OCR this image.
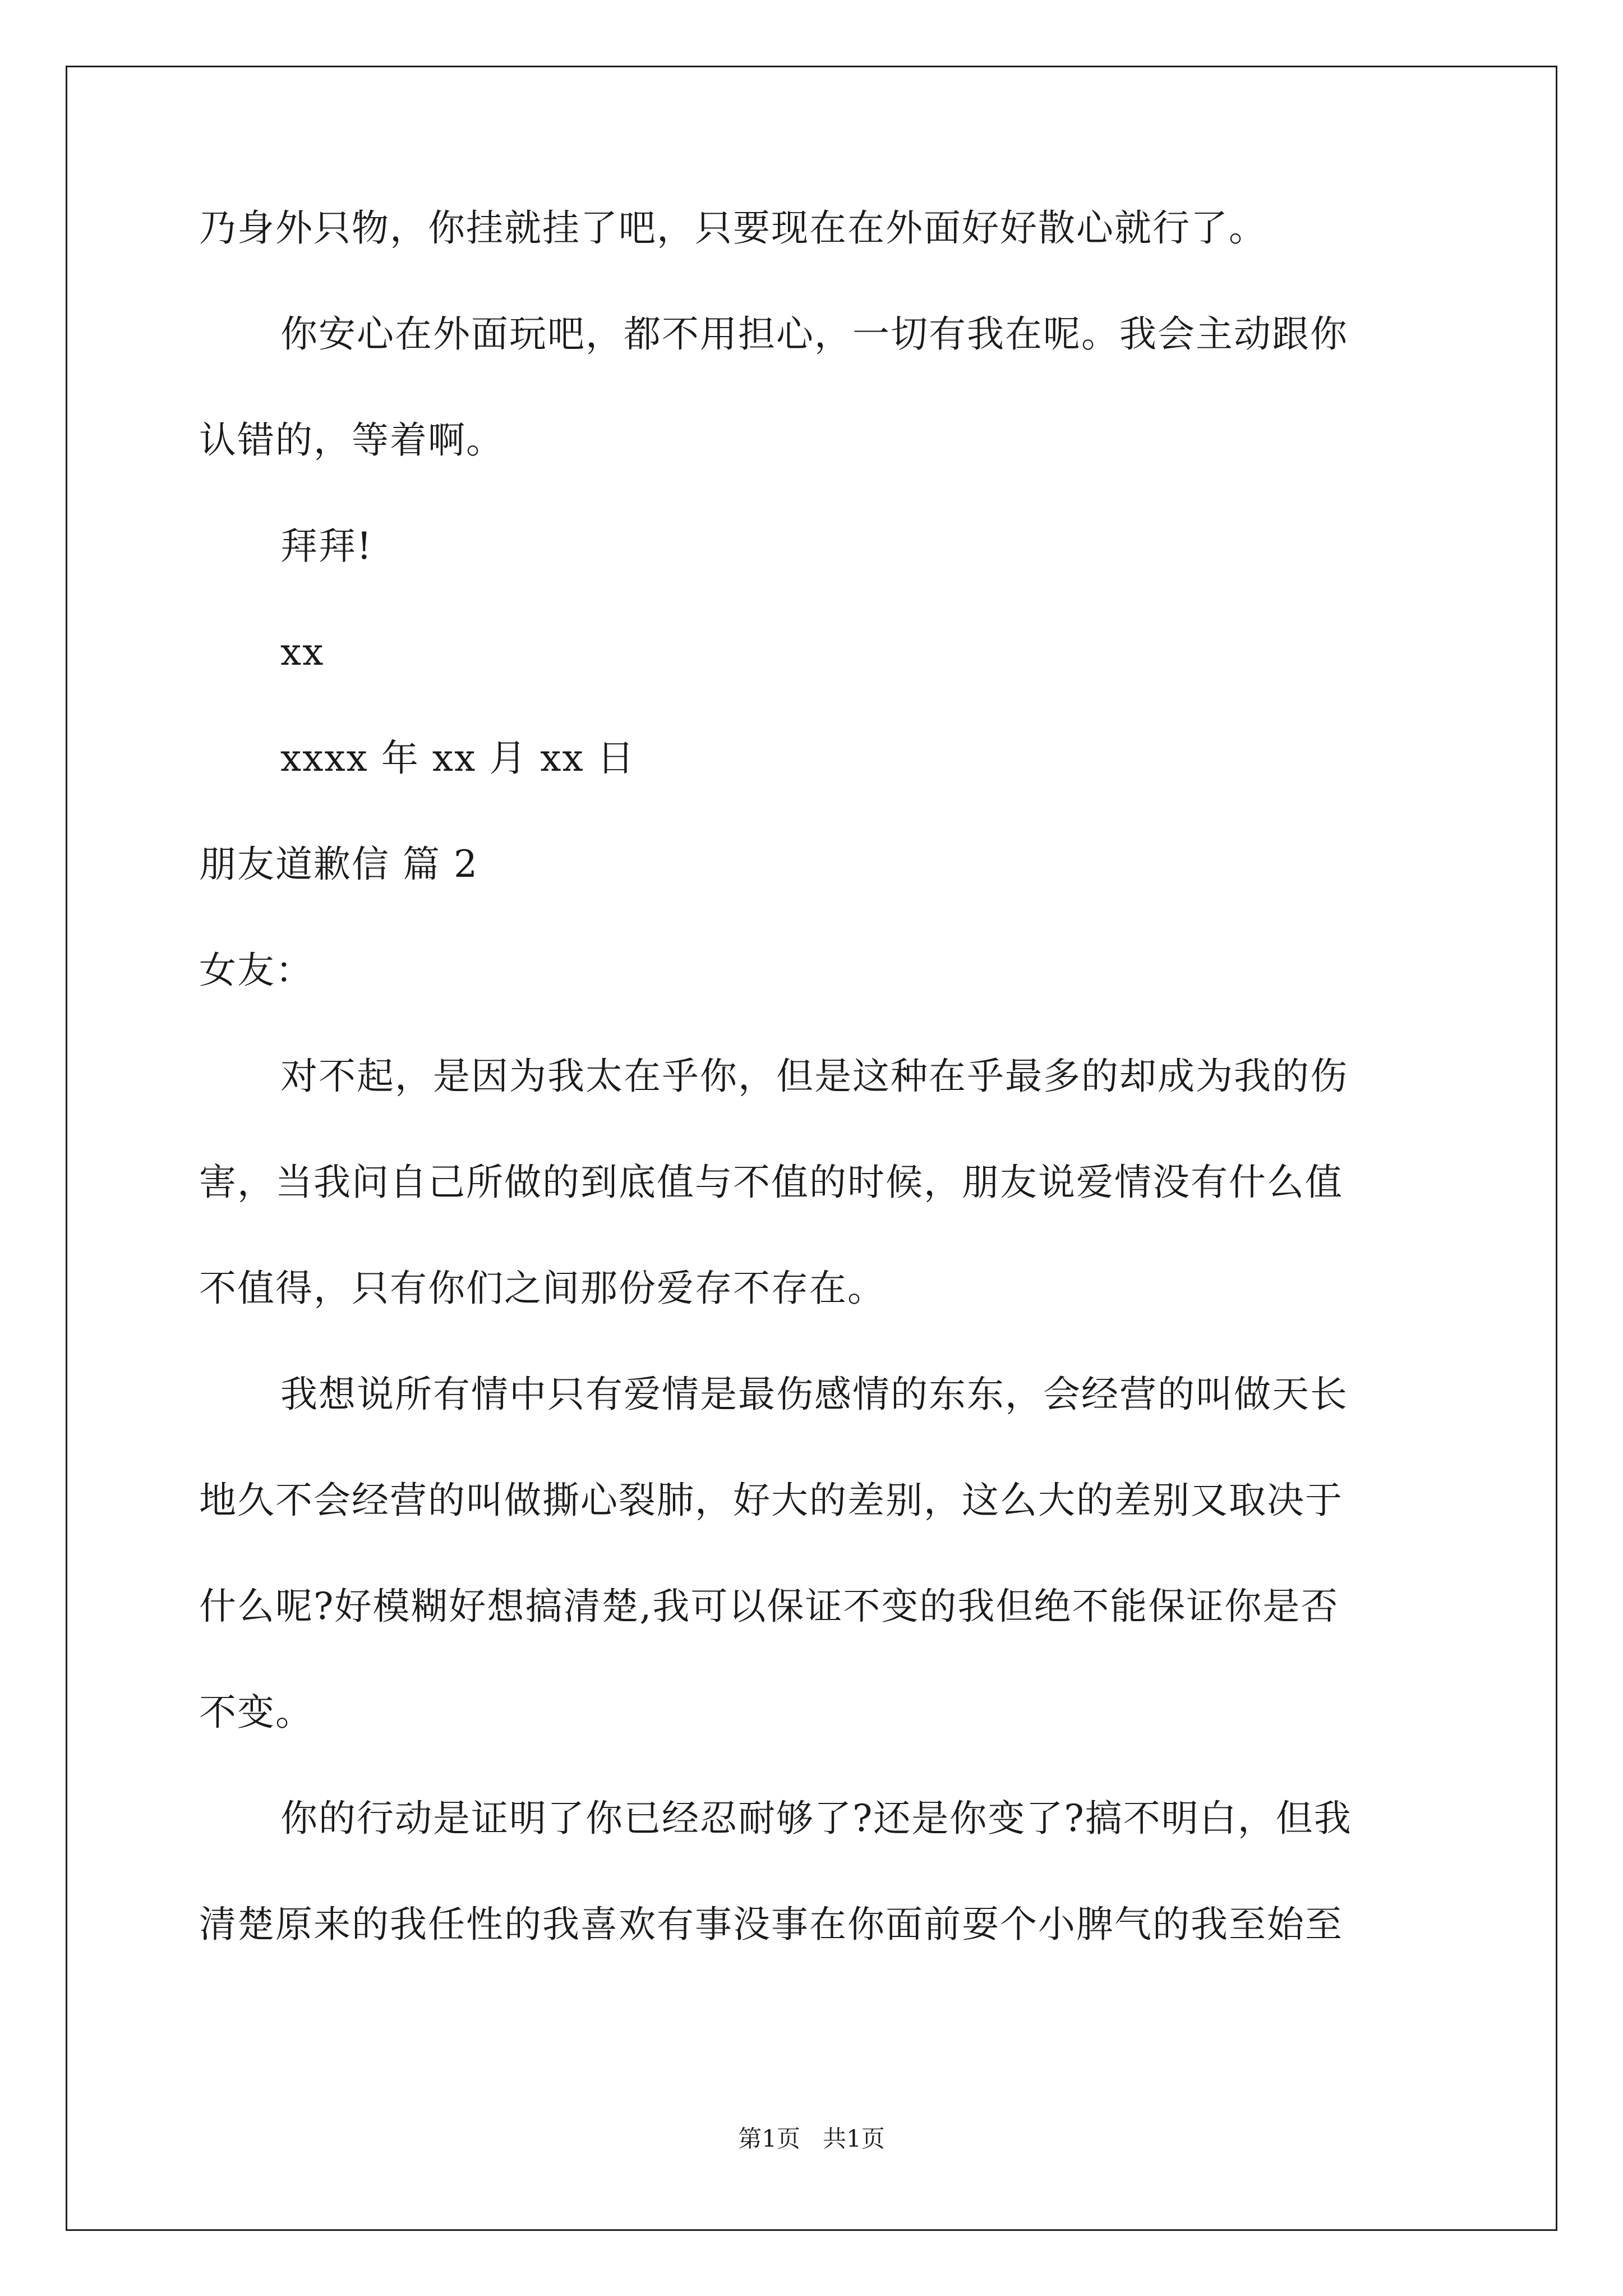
乃身外只物，你挂就挂了吧，只要现在在外面好好散心就行了。

你安心在外面玩吧，都不用担心，一切有我在呢。我会主动跟你

认错的，等着啊。

拜拜!

xx

xxxx 年 xx 月 xx 日

朋友道歉信 篇 2

女友：

对不起，是因为我太在乎你，但是这种在乎最多的却成为我的伤

害，当我问自己所做的到底值与不值的时候，朋友说爱情没有什么值

不值得，只有你们之间那份爱存不存在。

我想说所有情中只有爱情是最伤感情的东东，会经营的叫做天长

地久不会经营的叫做撕心裂肺，好大的差别，这么大的差别又取决于

什么呢?好模糊好想搞清楚,我可以保证不变的我但绝不能保证你是否

不变。

你的行动是证明了你已经忍耐够了?还是你变了?搞不明白，但我

清楚原来的我任性的我喜欢有事没事在你面前耍个小脾气的我至始至

第1页   共1页
